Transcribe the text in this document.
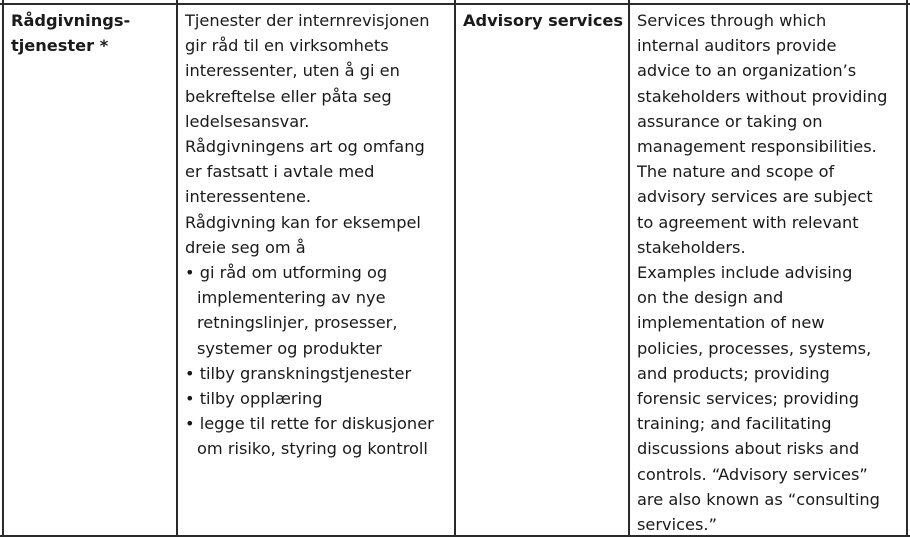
Rådgivnings-
tjenester *
Tjenester der internrevisjonen
gir råd til en virksomhets
interessenter, uten å gi en
bekreftelse eller påta seg
ledelsesansvar.
Rådgivningens art og omfang
er fastsatt i avtale med
interessentene.
Rådgivning kan for eksempel
dreie seg om å
• gi råd om utforming og
implementering av nye
retningslinjer, prosesser,
systemer og produkter
• tilby granskningstjenester
• tilby opplæring
• legge til rette for diskusjoner
om risiko, styring og kontroll
Advisory services Services through which
internal auditors provide
advice to an organization’s
stakeholders without providing
assurance or taking on
management responsibilities.
The nature and scope of
advisory services are subject
to agreement with relevant
stakeholders.
Examples include advising
on the design and
implementation of new
policies, processes, systems,
and products; providing
forensic services; providing
training; and facilitating
discussions about risks and
controls. “Advisory services”
are also known as “consulting
services.”
